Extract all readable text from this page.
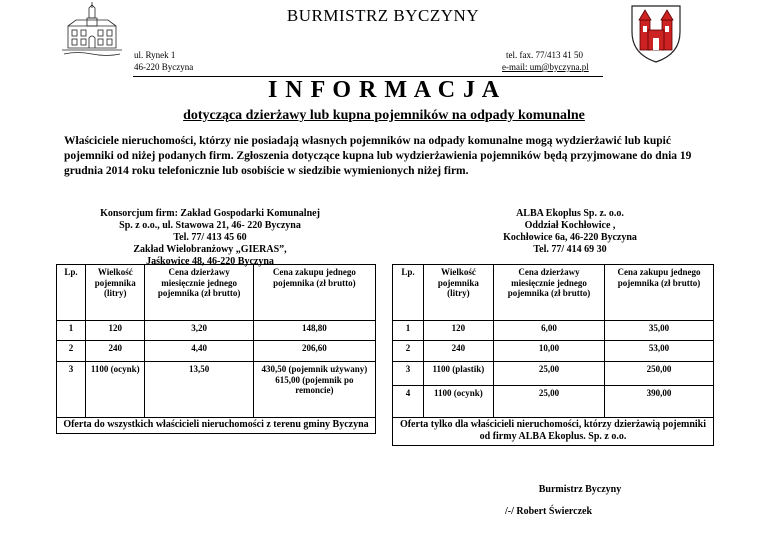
BURMISTRZ BYCZYNY
ul. Rynek 1
46-220 Byczyna
tel. fax. 77/413 41 50
e-mail: um@byczyna.pl
I N F O R M A C J A
dotycząca dzierżawy lub kupna pojemników na odpady komunalne
Właściciele nieruchomości, którzy nie posiadają własnych pojemników na odpady komunalne mogą wydzierżawić lub kupić pojemniki od niżej podanych firm. Zgłoszenia dotyczące kupna lub wydzierżawienia pojemników będą przyjmowane do dnia 19 grudnia 2014 roku telefonicznie lub osobiście w siedzibie wymienionych niżej firm.
Konsorcjum firm: Zakład Gospodarki Komunalnej
Sp. z o.o., ul. Stawowa 21, 46- 220 Byczyna
Tel. 77/ 413 45 60
Zakład Wielobranżowy „GIERAS”,
Jaśkowice 48, 46-220 Byczyna
ALBA Ekoplus Sp. z. o.o.
Oddział Kochłowice ,
Kochłowice 6a, 46-220 Byczyna
Tel. 77/ 414 69 30
Lp.	Wielkość pojemnika (litry)	Cena dzierżawy miesięcznie jednego pojemnika (zł brutto)	Cena zakupu jednego pojemnika (zł brutto)
1	120	3,20	148,80
2	240	4,40	206,60
3	1100 (ocynk)	13,50	430,50 (pojemnik używany) 615,00 (pojemnik po remoncie)
Oferta do wszystkich właścicieli nieruchomości z terenu gminy Byczyna			
Lp.	Wielkość pojemnika (litry)	Cena dzierżawy miesięcznie jednego pojemnika (zł brutto)	Cena zakupu jednego pojemnika (zł brutto)
1	120	6,00	35,00
2	240	10,00	53,00
3	1100 (plastik)	25,00	250,00
4	1100 (ocynk)	25,00	390,00
Oferta tylko dla właścicieli nieruchomości, którzy dzierżawią pojemniki od firmy ALBA Ekoplus. Sp. z o.o.			
Burmistrz Byczyny
/-/ Robert Świerczek
